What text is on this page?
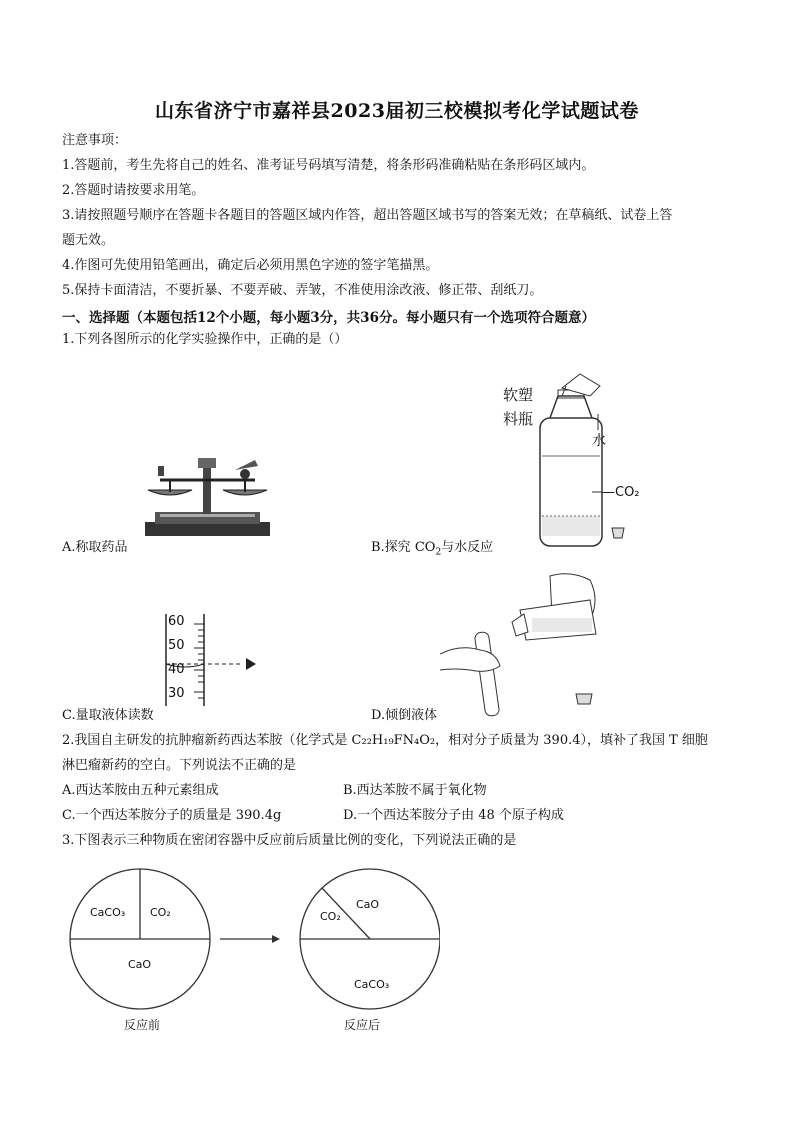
山东省济宁市嘉祥县2023届初三校模拟考化学试题试卷
注意事项：
1.答题前，考生先将自己的姓名、准考证号码填写清楚，将条形码准确粘贴在条形码区域内。
2.答题时请按要求用笔。
3.请按照题号顺序在答题卡各题目的答题区域内作答，超出答题区域书写的答案无效；在草稿纸、试卷上答
题无效。
4.作图可先使用铅笔画出，确定后必须用黑色字迹的签字笔描黑。
5.保持卡面清洁，不要折暴、不要弄破、弄皱，不准使用涂改液、修正带、刮纸刀。
一、选择题（本题包括12个小题，每小题3分，共36分。每小题只有一个选项符合题意）
1.下列各图所示的化学实验操作中，正确的是（）
A.称取药品
软塑
料瓶
水
—CO₂
B.探究 $CO_2$与水反应
60
50
40
30
C.量取液体读数	D.倾倒液体
2.我国自主研发的抗肿瘤新药西达苯胺（化学式是 C₂₂H₁₉FN₄O₂，相对分子质量为 390.4），填补了我国 T 细胞
淋巴瘤新药的空白。下列说法不正确的是
A.西达苯胺由五种元素组成	B.西达苯胺不属于氧化物
C.一个西达苯胺分子的质量是 390.4g	D.一个西达苯胺分子由 48 个原子构成
3.下图表示三种物质在密闭容器中反应前后质量比例的变化，下列说法正确的是
CaCO₃ CO₂
CaO
CO₂
CaO
CaCO₃
反应前	反应后
